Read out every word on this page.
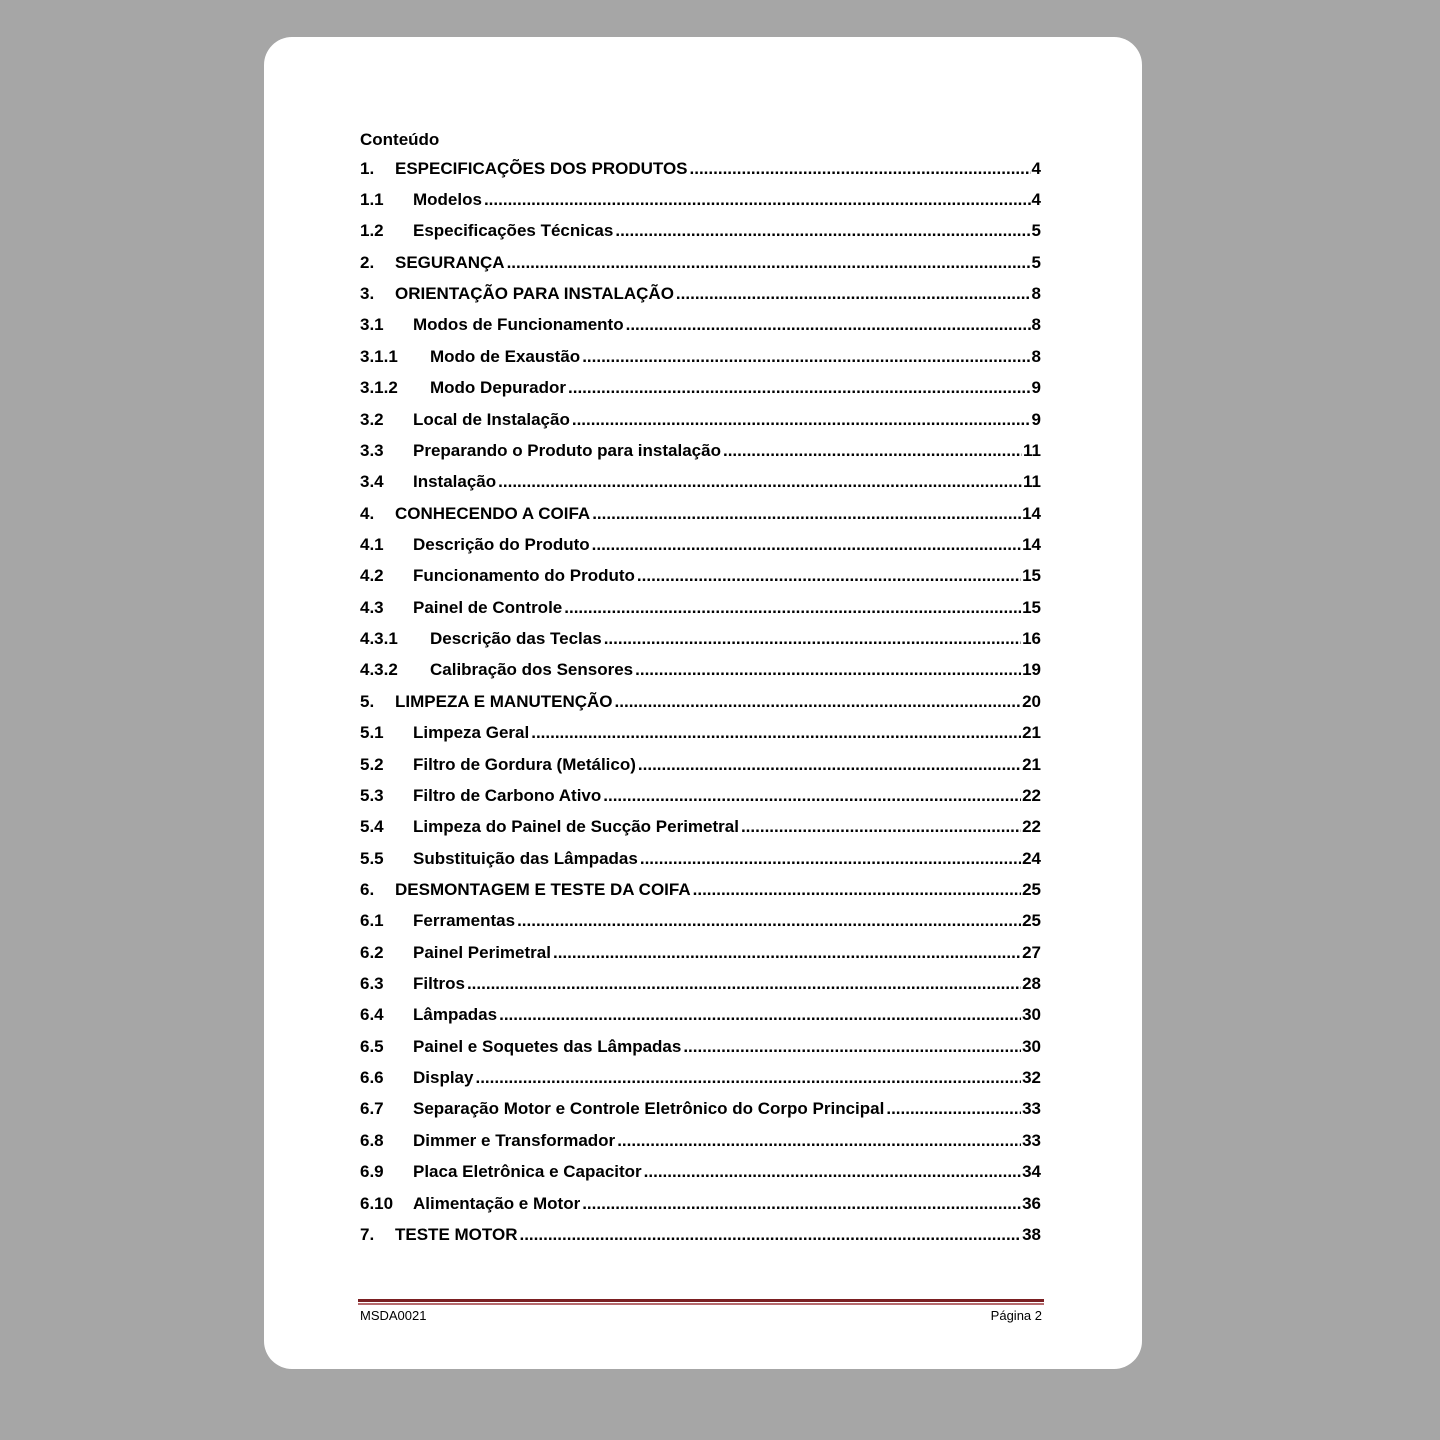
Conteúdo
1.	ESPECIFICAÇÕES DOS PRODUTOS .....	4
1.1	Modelos .....	4
1.2	Especificações Técnicas .....	5
2.	SEGURANÇA .....	5
3.	ORIENTAÇÃO PARA INSTALAÇÃO .....	8
3.1	Modos de Funcionamento .....	8
3.1.1	Modo de Exaustão .....	8
3.1.2	Modo Depurador .....	9
3.2	Local de Instalação .....	9
3.3	Preparando o Produto para instalação .....	11
3.4	Instalação .....	11
4.	CONHECENDO A COIFA .....	14
4.1	Descrição do Produto .....	14
4.2	Funcionamento do Produto .....	15
4.3	Painel de Controle .....	15
4.3.1	Descrição das Teclas .....	16
4.3.2	Calibração dos Sensores .....	19
5.	LIMPEZA E MANUTENÇÃO .....	20
5.1	Limpeza Geral .....	21
5.2	Filtro de Gordura (Metálico) .....	21
5.3	Filtro de Carbono Ativo .....	22
5.4	Limpeza do Painel de Sucção Perimetral .....	22
5.5	Substituição das Lâmpadas .....	24
6.	DESMONTAGEM E TESTE DA COIFA .....	25
6.1	Ferramentas .....	25
6.2	Painel Perimetral .....	27
6.3	Filtros .....	28
6.4	Lâmpadas .....	30
6.5	Painel e Soquetes das Lâmpadas .....	30
6.6	Display .....	32
6.7	Separação Motor e Controle Eletrônico do Corpo Principal .....	33
6.8	Dimmer e Transformador .....	33
6.9	Placa Eletrônica e Capacitor .....	34
6.10	Alimentação e Motor .....	36
7.	TESTE MOTOR .....	38
MSDA0021	Página 2
